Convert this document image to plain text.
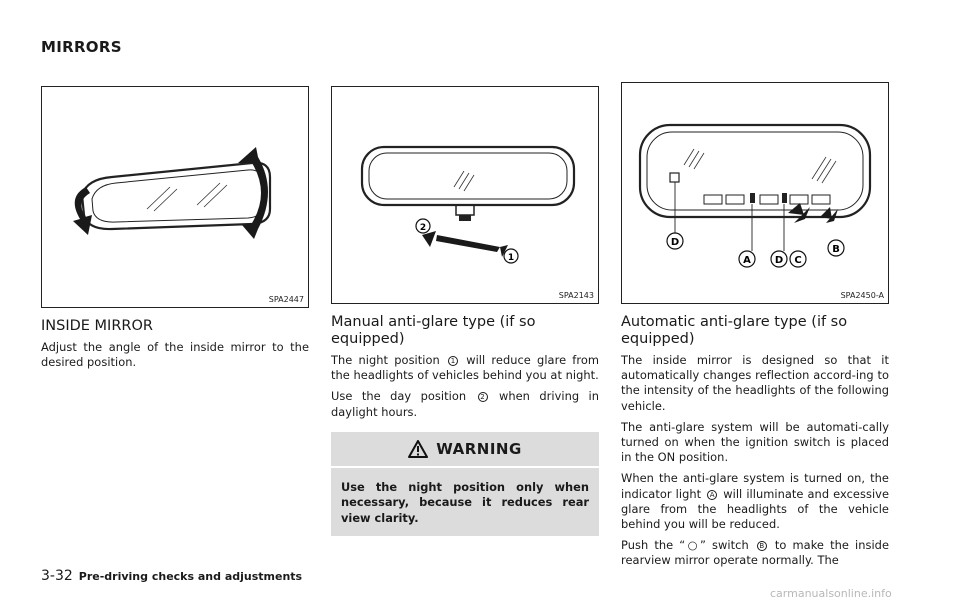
MIRRORS
SPA2447
2
1
SPA2143
D
A D C
B
SPA2450-A
INSIDE MIRROR
Adjust the angle of the inside mirror to the desired position.
Manual anti-glare type (if so equipped)
The night position 1 will reduce glare from the headlights of vehicles behind you at night.
Use the day position 2 when driving in daylight hours.
WARNING
Use the night position only when necessary, because it reduces rear view clarity.
Automatic anti-glare type (if so equipped)
The inside mirror is designed so that it automatically changes reflection accord-ing to the intensity of the headlights of the following vehicle.
The anti-glare system will be automati-cally turned on when the ignition switch is placed in the ON position.
When the anti-glare system is turned on, the indicator light A will illuminate and excessive glare from the headlights of the vehicle behind you will be reduced.
Push the “○” switch B to make the inside rearview mirror operate normally. The
3-32 Pre-driving checks and adjustments
carmanualsonline.info
